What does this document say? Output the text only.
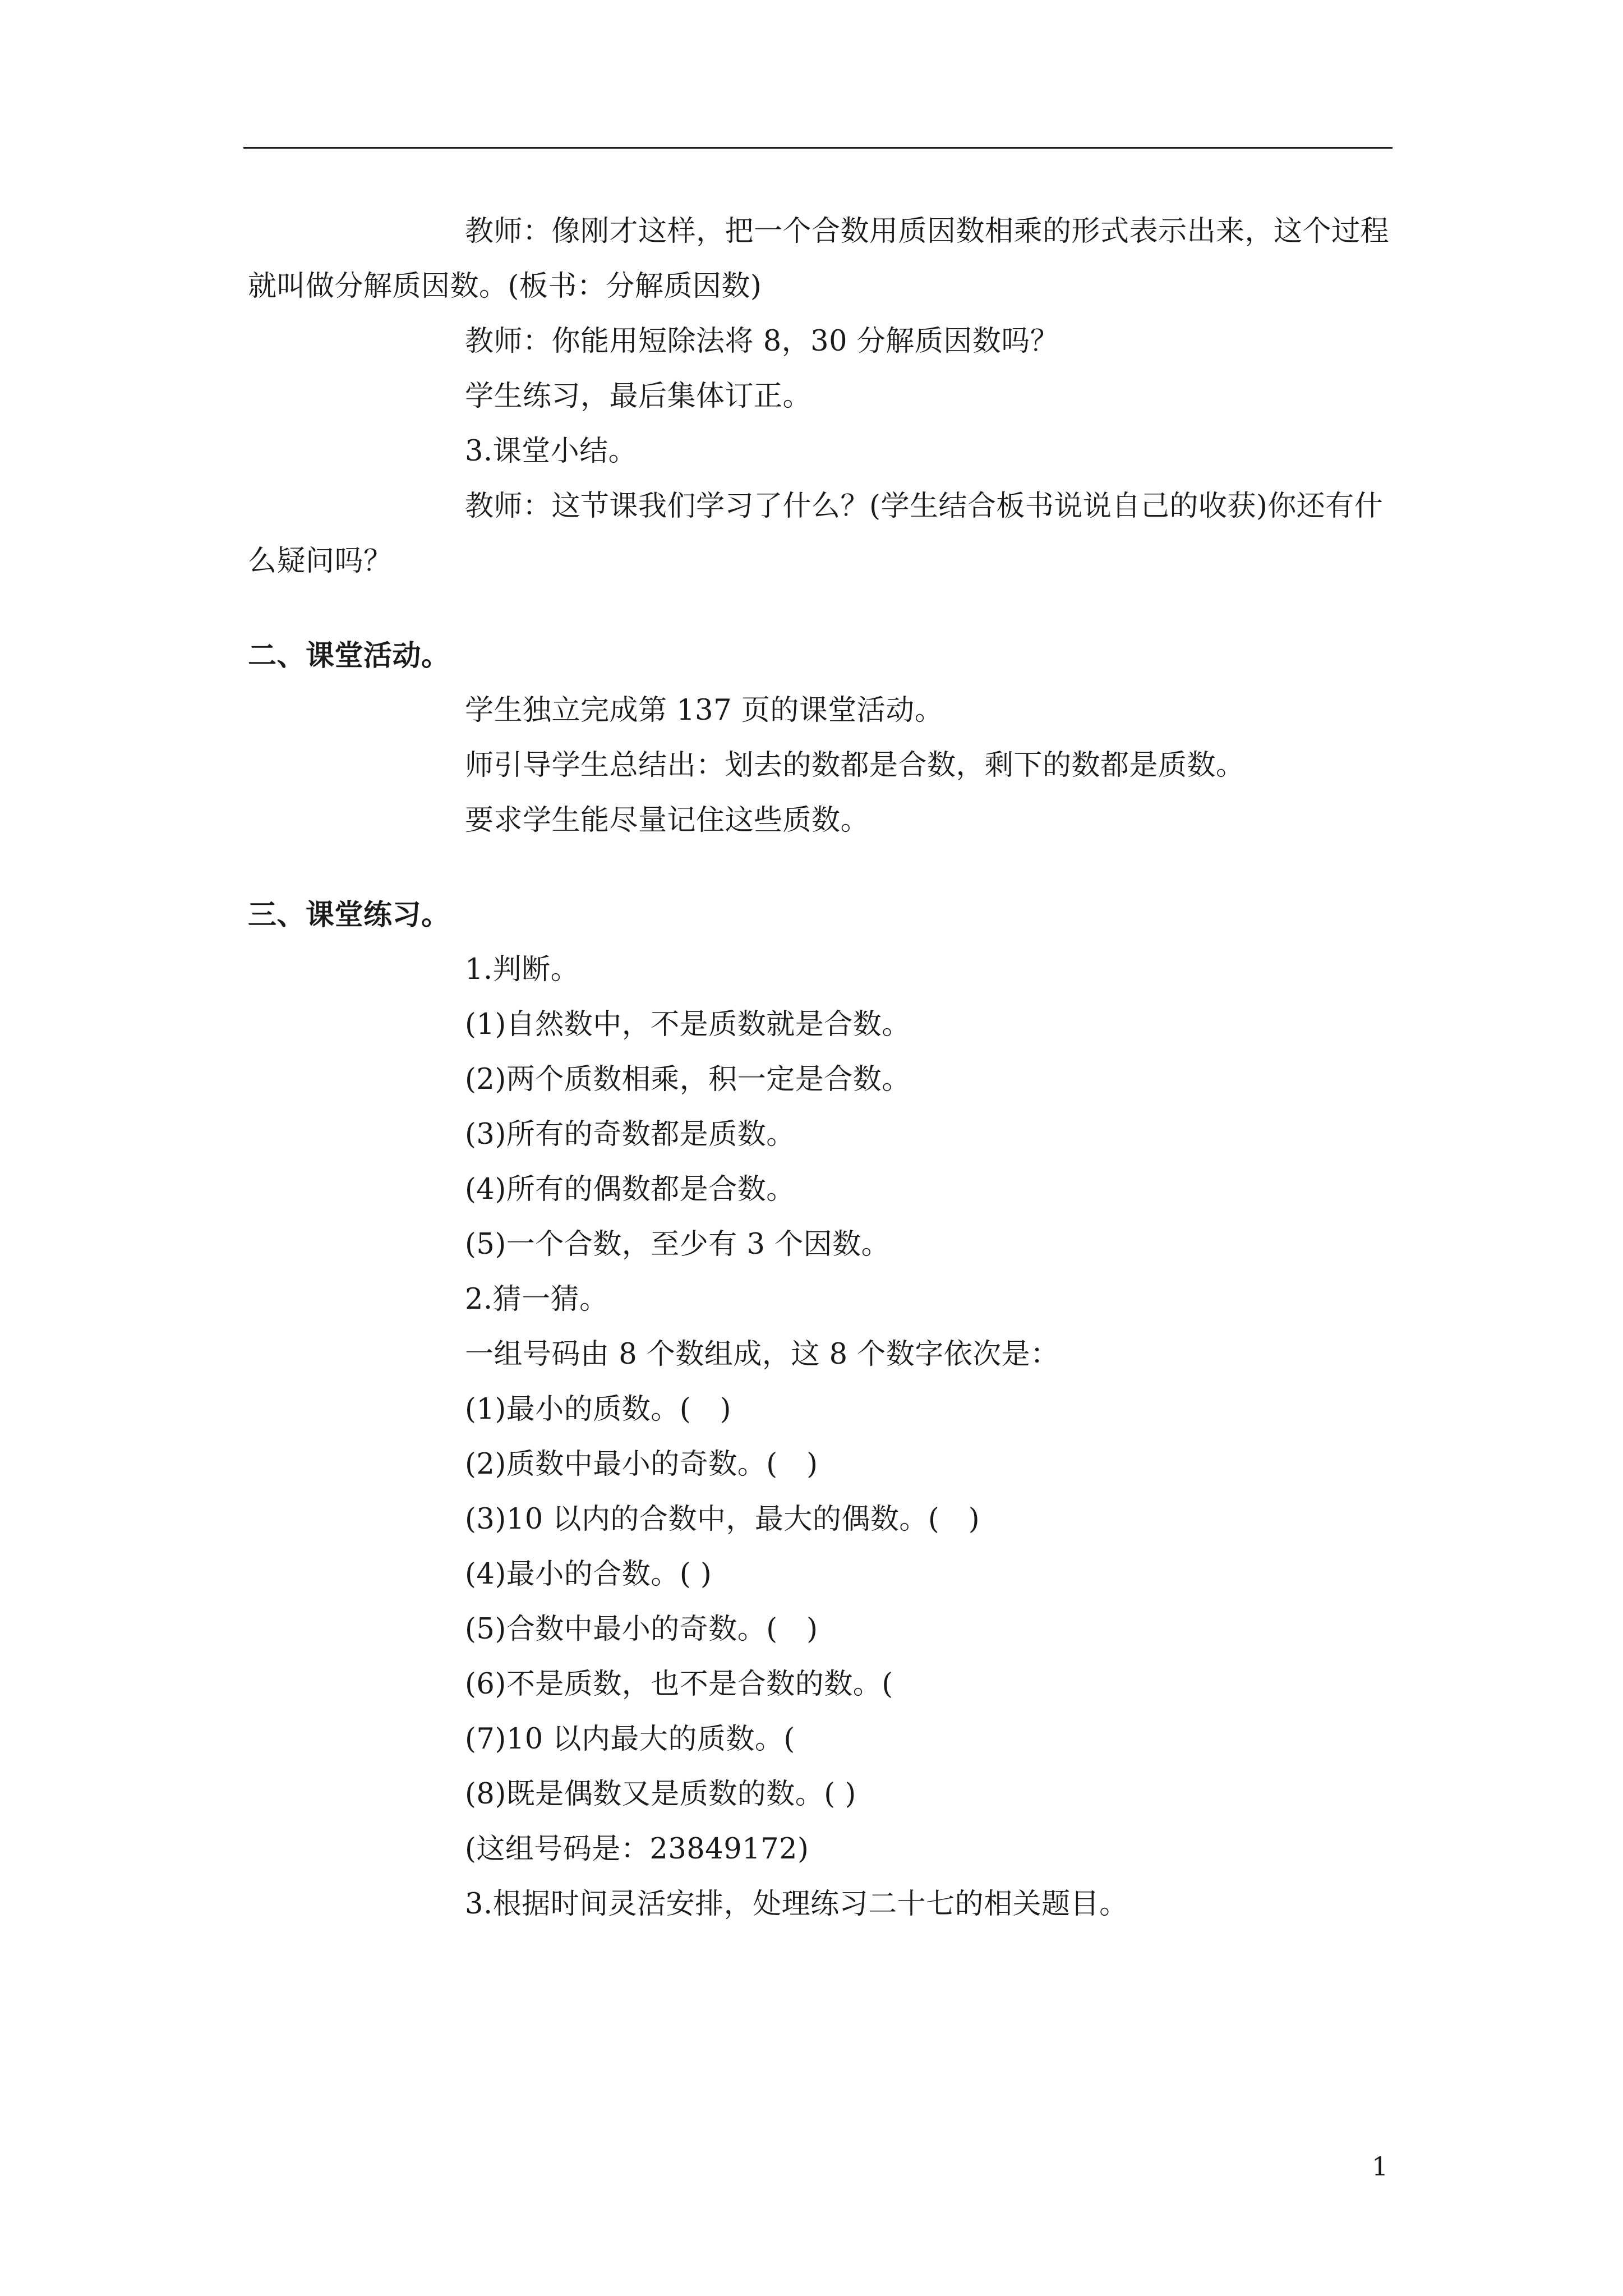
教师：像刚才这样，把一个合数用质因数相乘的形式表示出来，这个过程
就叫做分解质因数。(板书：分解质因数)
教师：你能用短除法将 8，30 分解质因数吗？
学生练习，最后集体订正。
3.课堂小结。
教师：这节课我们学习了什么？(学生结合板书说说自己的收获)你还有什
么疑问吗？
二、课堂活动。
学生独立完成第 137 页的课堂活动。
师引导学生总结出：划去的数都是合数，剩下的数都是质数。
要求学生能尽量记住这些质数。
三、课堂练习。
1.判断。
(1)自然数中，不是质数就是合数。
(2)两个质数相乘，积一定是合数。
(3)所有的奇数都是质数。
(4)所有的偶数都是合数。
(5)一个合数，至少有 3 个因数。
2.猜一猜。
一组号码由 8 个数组成，这 8 个数字依次是：
(1)最小的质数。(　)
(2)质数中最小的奇数。(　)
(3)10 以内的合数中，最大的偶数。(　)
(4)最小的合数。( )
(5)合数中最小的奇数。(　)
(6)不是质数，也不是合数的数。(
(7)10 以内最大的质数。(
(8)既是偶数又是质数的数。( )
(这组号码是：23849172)
3.根据时间灵活安排，处理练习二十七的相关题目。
1
